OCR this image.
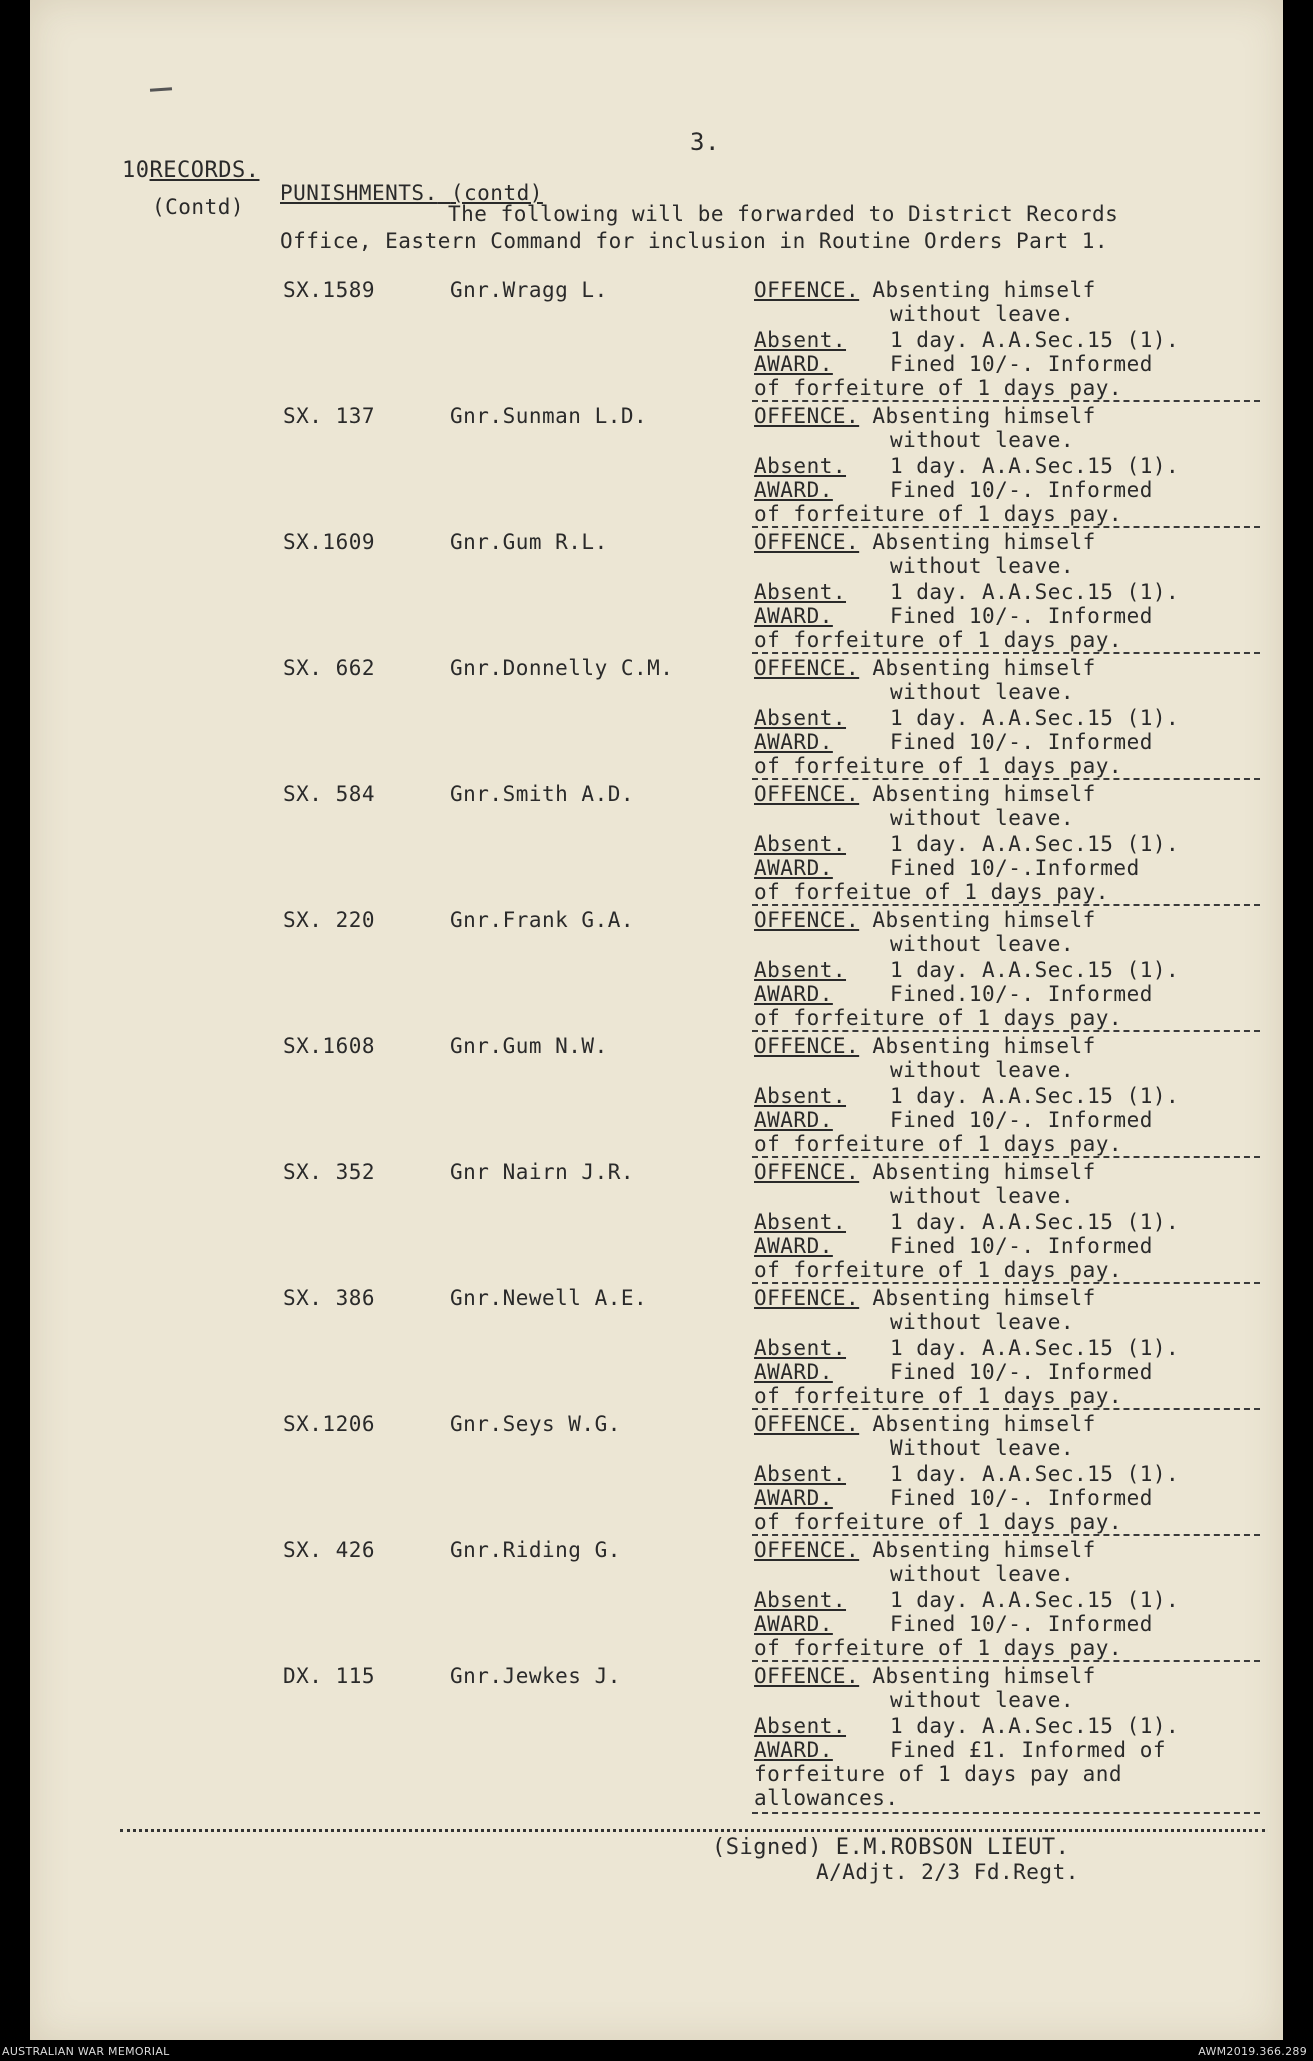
3.
10RECORDS.
(Contd)
PUNISHMENTS. (contd)
The following will be forwarded to District Records
Office, Eastern Command for inclusion in Routine Orders Part 1.
SX.1589	Gnr.Wragg L.	OFFENCE. Absenting himself
without leave.
Absent. 1 day. A.A.Sec.15 (1).
AWARD.	Fined 10/-. Informed
of forfeiture of 1 days pay.
SX. 137	Gnr.Sunman L.D.	OFFENCE. Absenting himself
without leave.
Absent. 1 day. A.A.Sec.15 (1).
AWARD.	Fined 10/-. Informed
of forfeiture of 1 days pay.
SX.1609	Gnr.Gum R.L.	OFFENCE. Absenting himself
without leave.
Absent. 1 day. A.A.Sec.15 (1).
AWARD.	Fined 10/-. Informed
of forfeiture of 1 days pay.
SX. 662	Gnr.Donnelly C.M.	OFFENCE. Absenting himself
without leave.
Absent. 1 day. A.A.Sec.15 (1).
AWARD.	Fined 10/-. Informed
of forfeiture of 1 days pay.
SX. 584	Gnr.Smith A.D.	OFFENCE. Absenting himself
without leave.
Absent. 1 day. A.A.Sec.15 (1).
AWARD.	Fined 10/-.Informed
of forfeitue of 1 days pay.
SX. 220	Gnr.Frank G.A.	OFFENCE. Absenting himself
without leave.
Absent. 1 day. A.A.Sec.15 (1).
AWARD.	Fined.10/-. Informed
of forfeiture of 1 days pay.
SX.1608	Gnr.Gum N.W.	OFFENCE. Absenting himself
without leave.
Absent. 1 day. A.A.Sec.15 (1).
AWARD.	Fined 10/-. Informed
of forfeiture of 1 days pay.
SX. 352	Gnr Nairn J.R.	OFFENCE. Absenting himself
without leave.
Absent. 1 day. A.A.Sec.15 (1).
AWARD.	Fined 10/-. Informed
of forfeiture of 1 days pay.
SX. 386	Gnr.Newell A.E.	OFFENCE. Absenting himself
without leave.
Absent. 1 day. A.A.Sec.15 (1).
AWARD.	Fined 10/-. Informed
of forfeiture of 1 days pay.
SX.1206	Gnr.Seys W.G.	OFFENCE. Absenting himself
Without leave.
Absent. 1 day. A.A.Sec.15 (1).
AWARD.	Fined 10/-. Informed
of forfeiture of 1 days pay.
SX. 426	Gnr.Riding G.	OFFENCE. Absenting himself
without leave.
Absent. 1 day. A.A.Sec.15 (1).
AWARD.	Fined 10/-. Informed
of forfeiture of 1 days pay.
DX. 115	Gnr.Jewkes J.	OFFENCE. Absenting himself
without leave.
Absent. 1 day. A.A.Sec.15 (1).
AWARD.	Fined £1. Informed of
forfeiture of 1 days pay and
allowances.
(Signed) E.M.ROBSON LIEUT.
A/Adjt. 2/3 Fd.Regt.
AUSTRALIAN WAR MEMORIAL	AWM2019.366.289
